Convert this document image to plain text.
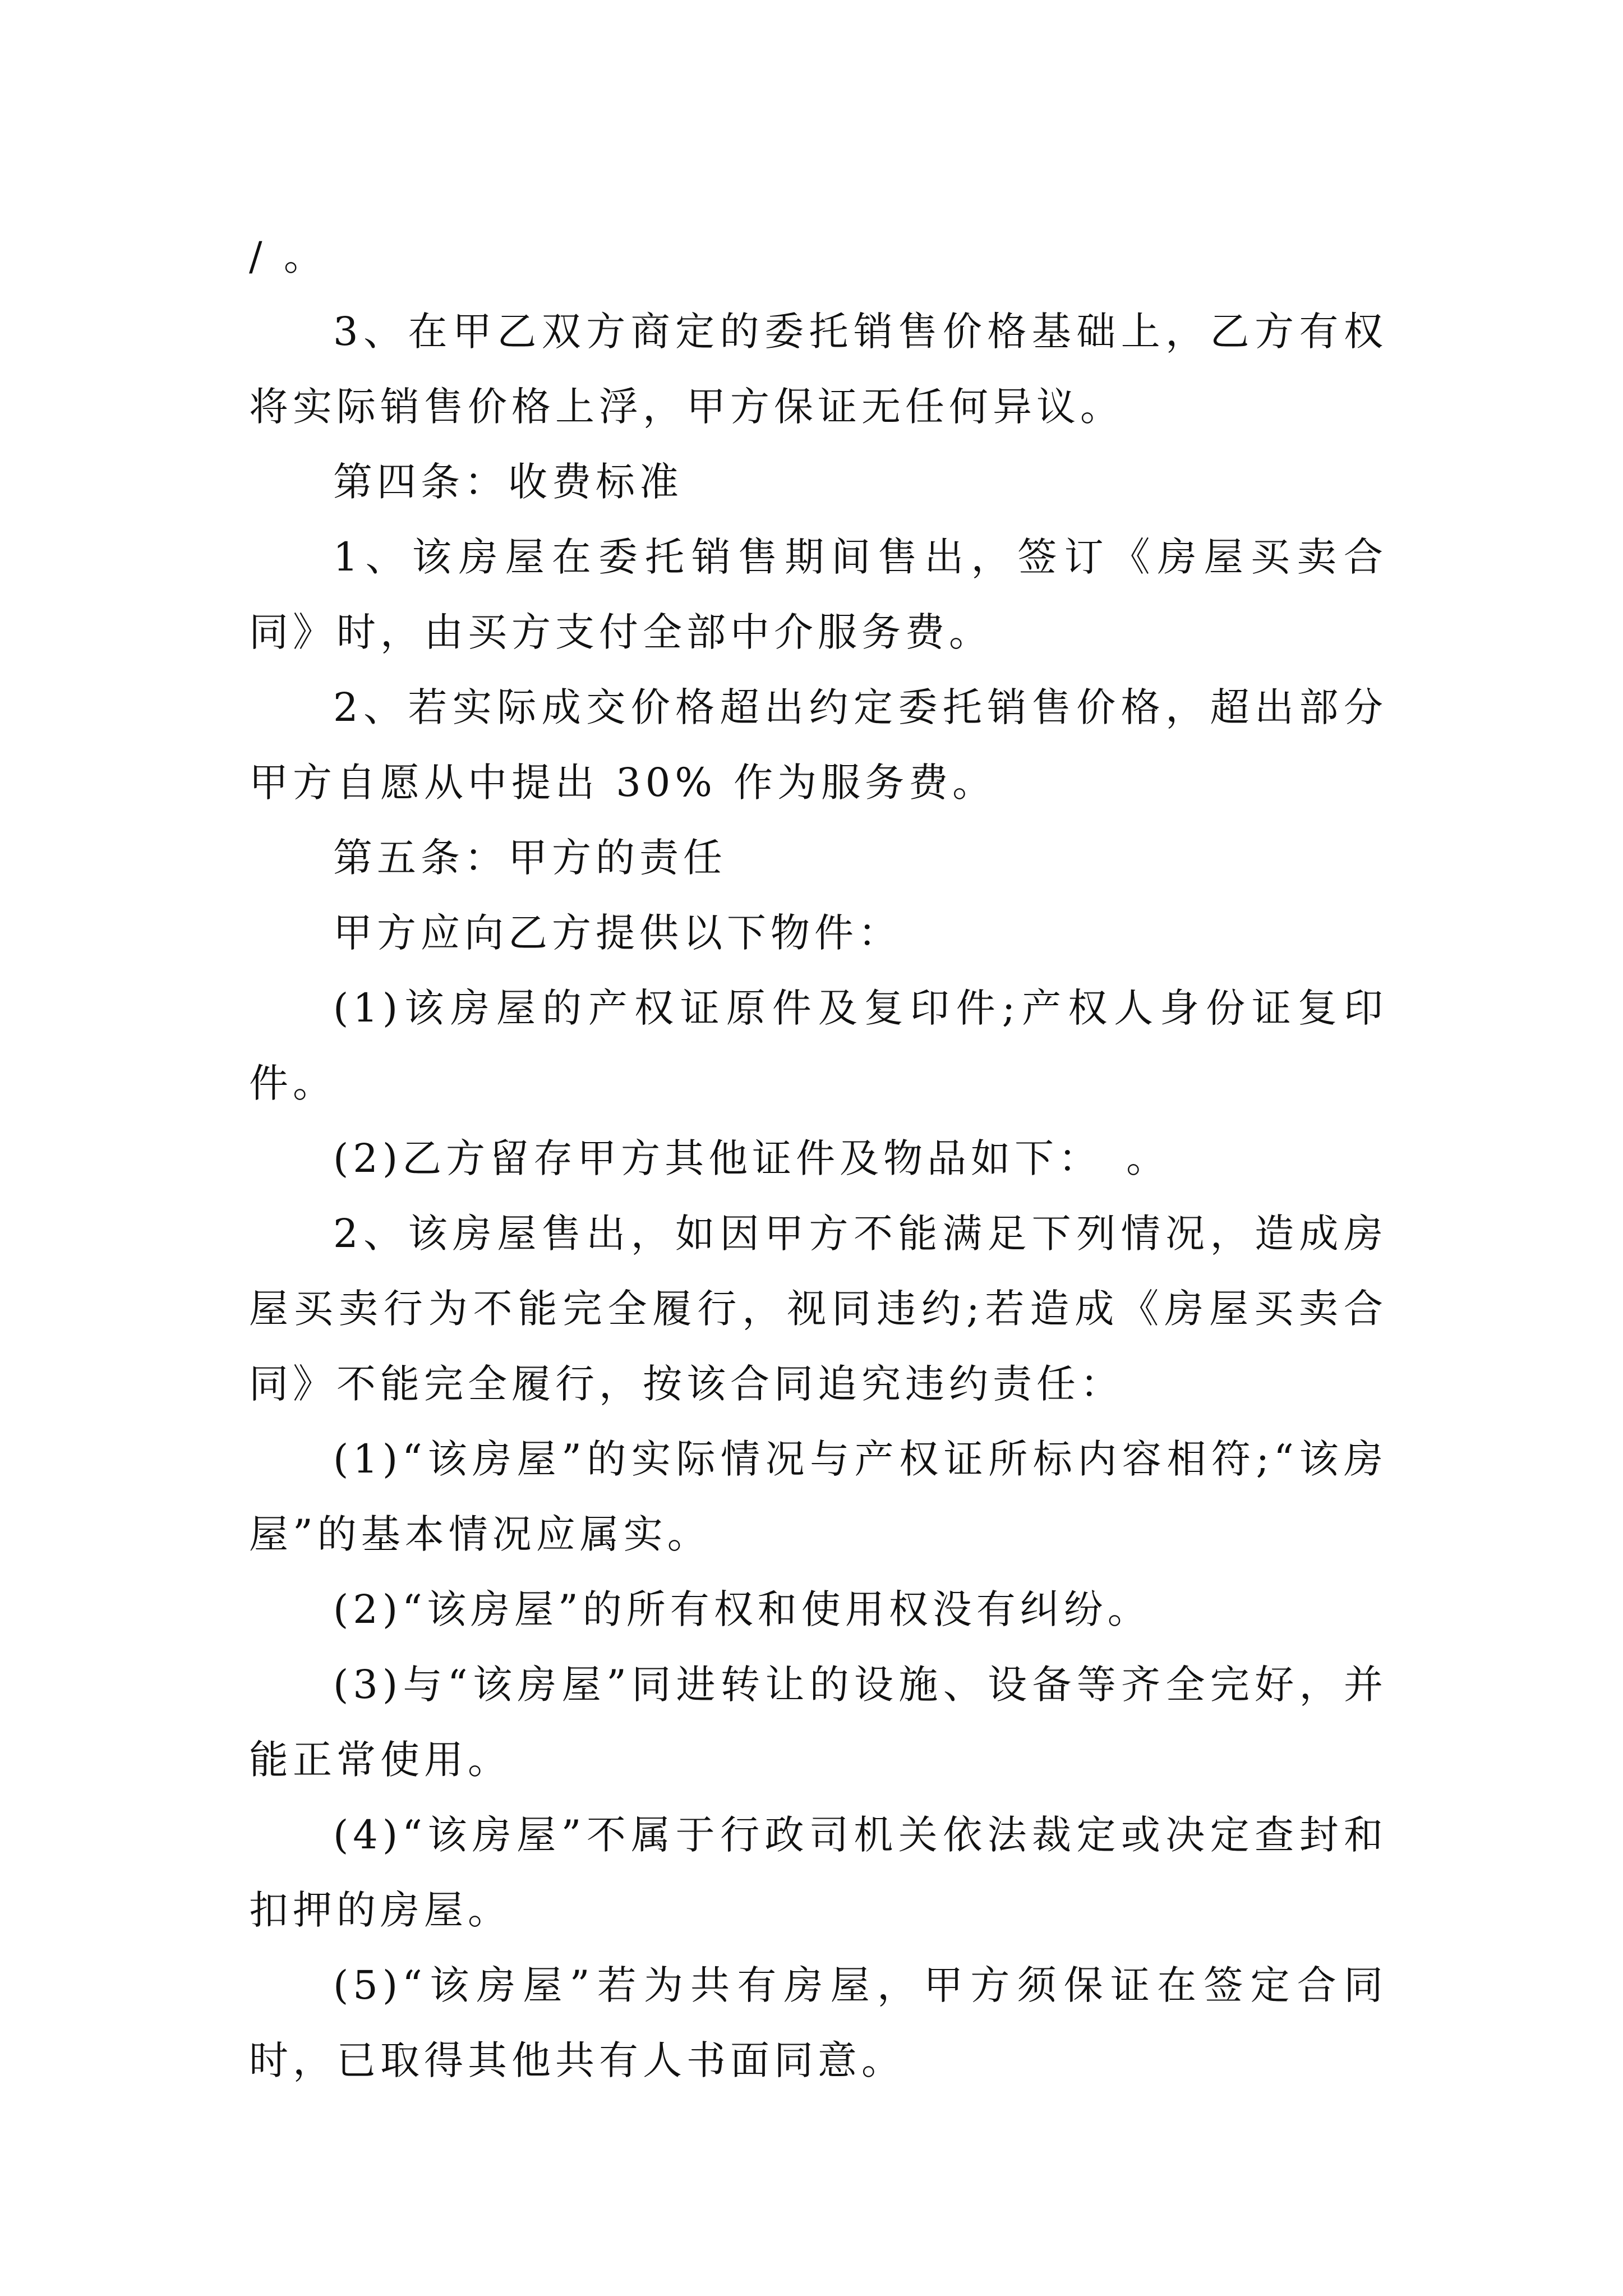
/ 。

3、在甲乙双方商定的委托销售价格基础上，乙方有权将实际销售价格上浮，甲方保证无任何异议。

第四条：收费标准

1、该房屋在委托销售期间售出，签订《房屋买卖合同》时，由买方支付全部中介服务费。

2、若实际成交价格超出约定委托销售价格，超出部分甲方自愿从中提出 30% 作为服务费。

第五条：甲方的责任

甲方应向乙方提供以下物件：

(1)该房屋的产权证原件及复印件;产权人身份证复印件。

(2)乙方留存甲方其他证件及物品如下：　。

2、该房屋售出，如因甲方不能满足下列情况，造成房屋买卖行为不能完全履行，视同违约;若造成《房屋买卖合同》不能完全履行，按该合同追究违约责任：

(1)“该房屋”的实际情况与产权证所标内容相符;“该房屋”的基本情况应属实。

(2)“该房屋”的所有权和使用权没有纠纷。

(3)与“该房屋”同进转让的设施、设备等齐全完好，并能正常使用。

(4)“该房屋”不属于行政司机关依法裁定或决定查封和扣押的房屋。

(5)“该房屋”若为共有房屋，甲方须保证在签定合同时，已取得其他共有人书面同意。
